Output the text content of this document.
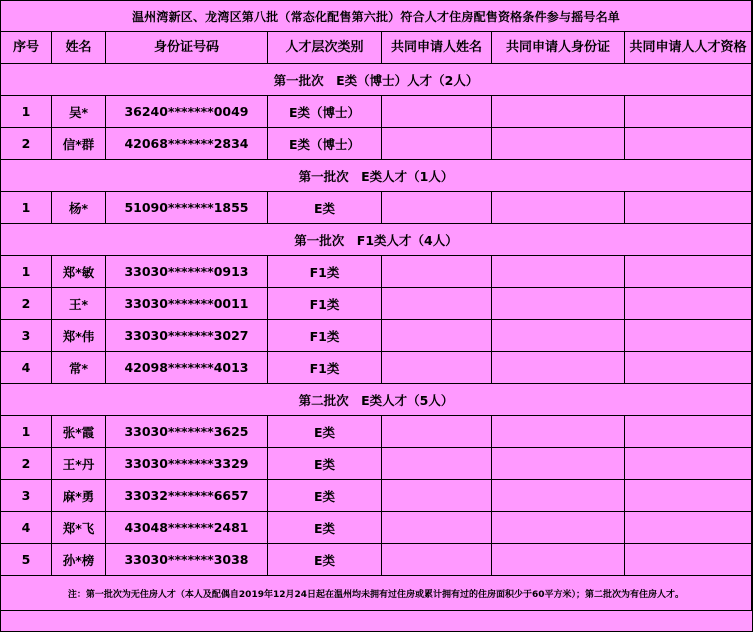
温州湾新区、龙湾区第八批（常态化配售第六批）符合人才住房配售资格条件参与摇号名单						
序号	姓名	身份证号码	人才层次类别	共同申请人姓名	共同申请人身份证	共同申请人人才资格
第一批次　E类（博士）人才（2人）						
1	吴*	36240*******0049	E类（博士）			
2	信*群	42068*******2834	E类（博士）			
第一批次　E类人才（1人）						
1	杨*	51090*******1855	E类			
第一批次　F1类人才（4人）						
1	郑*敏	33030*******0913	F1类			
2	王*	33030*******0011	F1类			
3	郑*伟	33030*******3027	F1类			
4	常*	42098*******4013	F1类			
第二批次　E类人才（5人）						
1	张*霞	33030*******3625	E类			
2	王*丹	33030*******3329	E类			
3	麻*勇	33032*******6657	E类			
4	郑*飞	43048*******2481	E类			
5	孙*榜	33030*******3038	E类			
注：第一批次为无住房人才（本人及配偶自2019年12月24日起在温州均未拥有过住房或累计拥有过的住房面积少于60平方米）；第二批次为有住房人才。						
